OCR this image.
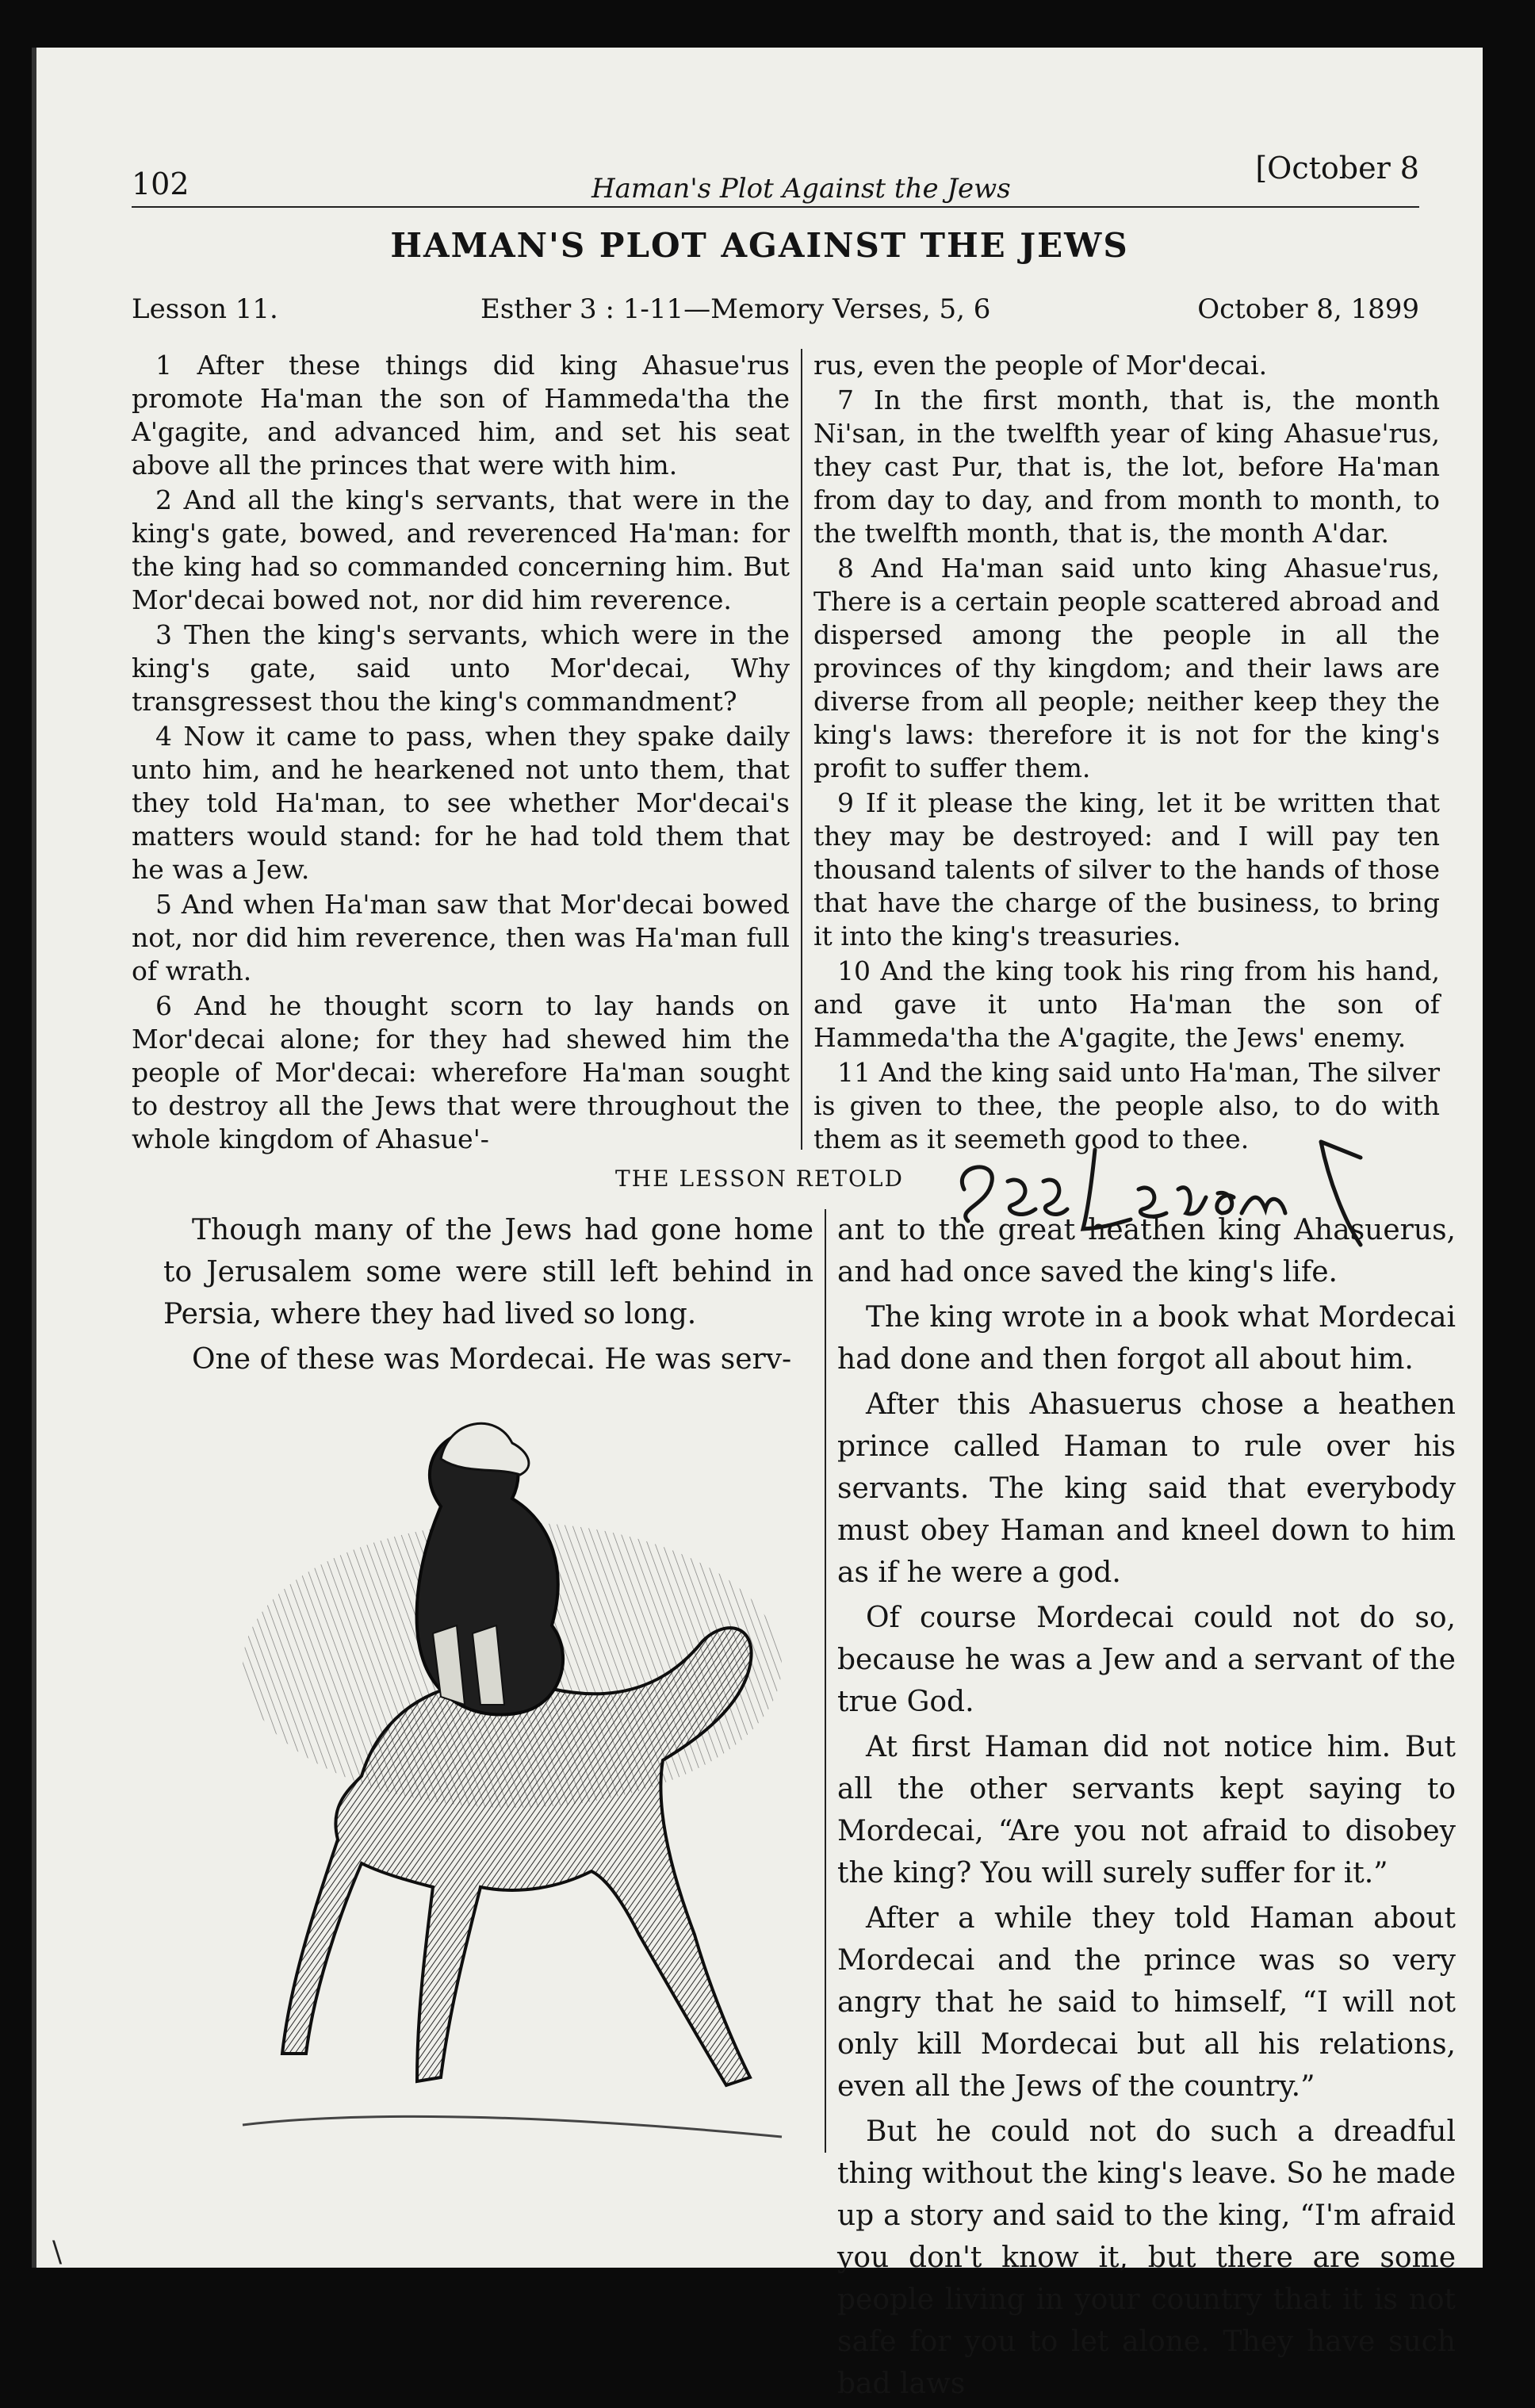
102	Haman's Plot Against the Jews
[October 8
HAMAN'S PLOT AGAINST THE JEWS
Lesson 11.	Esther 3 : 1-11—Memory Verses, 5, 6	October 8, 1899

1 After these things did king Ahasue'rus promote Ha'man the son of Hammeda'tha the A'gagite, and advanced him, and set his seat above all the princes that were with him.

2 And all the king's servants, that were in the king's gate, bowed, and reverenced Ha'man: for the king had so commanded concerning him. But Mor'decai bowed not, nor did him reverence.

3 Then the king's servants, which were in the king's gate, said unto Mor'decai, Why transgressest thou the king's commandment?

4 Now it came to pass, when they spake daily unto him, and he hearkened not unto them, that they told Ha'man, to see whether Mor'decai's matters would stand: for he had told them that he was a Jew.

5 And when Ha'man saw that Mor'decai bowed not, nor did him reverence, then was Ha'man full of wrath.

6 And he thought scorn to lay hands on Mor'decai alone; for they had shewed him the people of Mor'decai: wherefore Ha'man sought to destroy all the Jews that were throughout the whole kingdom of Ahasue'-

rus, even the people of Mor'decai.

7 In the first month, that is, the month Ni'san, in the twelfth year of king Ahasue'rus, they cast Pur, that is, the lot, before Ha'man from day to day, and from month to month, to the twelfth month, that is, the month A'dar.

8 And Ha'man said unto king Ahasue'rus, There is a certain people scattered abroad and dispersed among the people in all the provinces of thy kingdom; and their laws are diverse from all people; neither keep they the king's laws: therefore it is not for the king's profit to suffer them.

9 If it please the king, let it be written that they may be destroyed: and I will pay ten thousand talents of silver to the hands of those that have the charge of the business, to bring it into the king's treasuries.

10 And the king took his ring from his hand, and gave it unto Ha'man the son of Hammeda'tha the A'gagite, the Jews' enemy.

11 And the king said unto Ha'man, The silver is given to thee, the people also, to do with them as it seemeth good to thee.

THE LESSON RETOLD

Though many of the Jews had gone home to Jerusalem some were still left behind in Persia, where they had lived so long.

One of these was Mordecai. He was serv-

ant to the great heathen king Ahasuerus, and had once saved the king's life.

The king wrote in a book what Mordecai had done and then forgot all about him.

After this Ahasuerus chose a heathen prince called Haman to rule over his servants. The king said that everybody must obey Haman and kneel down to him as if he were a god.

Of course Mordecai could not do so, because he was a Jew and a servant of the true God.

At first Haman did not notice him. But all the other servants kept saying to Mordecai, “Are you not afraid to disobey the king? You will surely suffer for it.”

After a while they told Haman about Mordecai and the prince was so very angry that he said to himself, “I will not only kill Mordecai but all his relations, even all the Jews of the country.”

But he could not do such a dreadful thing without the king's leave. So he made up a story and said to the king, “I'm afraid you don't know it, but there are some people living in your country that it is not safe for you to let alone. They have such bad laws

\
